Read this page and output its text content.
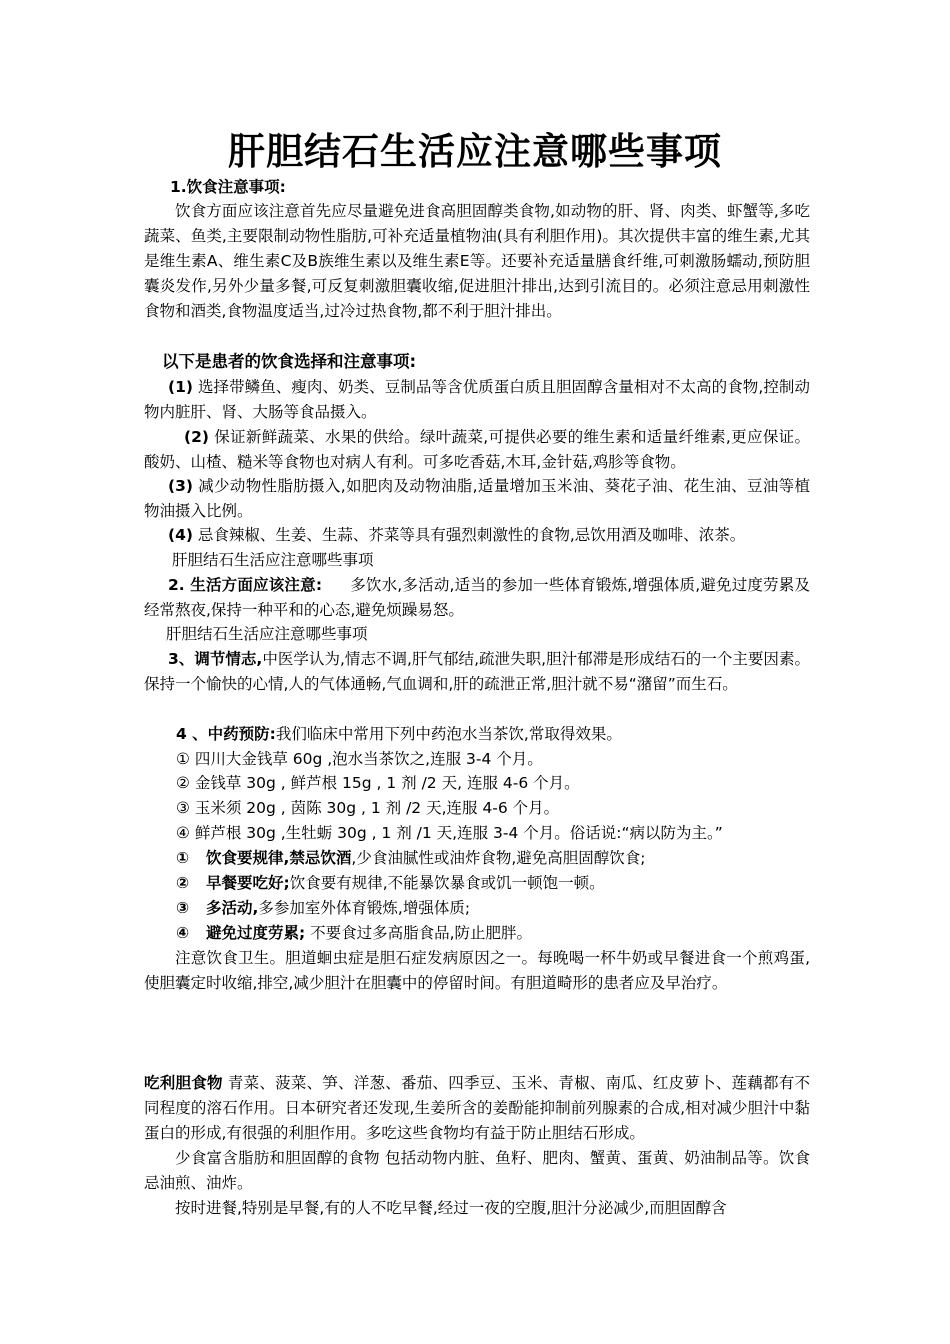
肝胆结石生活应注意哪些事项
1.饮食注意事项:
饮食方面应该注意首先应尽量避免进食高胆固醇类食物,如动物的肝、肾、肉类、虾蟹等,多吃蔬菜、鱼类,主要限制动物性脂肪,可补充适量植物油(具有利胆作用)。其次提供丰富的维生素,尤其是维生素A、维生素C及B族维生素以及维生素E等。还要补充适量膳食纤维,可刺激肠蠕动,预防胆囊炎发作,另外少量多餐,可反复刺激胆囊收缩,促进胆汁排出,达到引流目的。必须注意忌用刺激性食物和酒类,食物温度适当,过冷过热食物,都不利于胆汁排出。
以下是患者的饮食选择和注意事项:
(1) 选择带鳞鱼、瘦肉、奶类、豆制品等含优质蛋白质且胆固醇含量相对不太高的食物,控制动物内脏肝、肾、大肠等食品摄入。
(2) 保证新鲜蔬菜、水果的供给。绿叶蔬菜,可提供必要的维生素和适量纤维素,更应保证。酸奶、山楂、糙米等食物也对病人有利。可多吃香菇,木耳,金针菇,鸡胗等食物。
(3) 减少动物性脂肪摄入,如肥肉及动物油脂,适量增加玉米油、葵花子油、花生油、豆油等植物油摄入比例。
(4) 忌食辣椒、生姜、生蒜、芥菜等具有强烈刺激性的食物,忌饮用酒及咖啡、浓茶。
肝胆结石生活应注意哪些事项
2. 生活方面应该注意: 多饮水,多活动,适当的参加一些体育锻炼,增强体质,避免过度劳累及经常熬夜,保持一种平和的心态,避免烦躁易怒。
肝胆结石生活应注意哪些事项
3、调节情志,中医学认为,情志不调,肝气郁结,疏泄失职,胆汁郁滞是形成结石的一个主要因素。保持一个愉快的心情,人的气体通畅,气血调和,肝的疏泄正常,胆汁就不易“潴留”而生石。
4 、中药预防:我们临床中常用下列中药泡水当茶饮,常取得效果。
① 四川大金钱草 60g ,泡水当茶饮之,连服 3-4 个月。
② 金钱草 30g , 鲜芦根 15g , 1 剂 /2 天, 连服 4-6 个月。
③ 玉米须 20g , 茵陈 30g , 1 剂 /2 天,连服 4-6 个月。
④ 鲜芦根 30g ,生牡蛎 30g , 1 剂 /1 天,连服 3-4 个月。俗话说:“病以防为主。”
① 饮食要规律,禁忌饮酒,少食油腻性或油炸食物,避免高胆固醇饮食;
② 早餐要吃好;饮食要有规律,不能暴饮暴食或饥一顿饱一顿。
③ 多活动,多参加室外体育锻炼,增强体质;
④ 避免过度劳累; 不要食过多高脂食品,防止肥胖。
注意饮食卫生。胆道蛔虫症是胆石症发病原因之一。每晚喝一杯牛奶或早餐进食一个煎鸡蛋,使胆囊定时收缩,排空,减少胆汁在胆囊中的停留时间。有胆道畸形的患者应及早治疗。
吃利胆食物 青菜、菠菜、笋、洋葱、番茄、四季豆、玉米、青椒、南瓜、红皮萝卜、莲藕都有不同程度的溶石作用。日本研究者还发现,生姜所含的姜酚能抑制前列腺素的合成,相对减少胆汁中黏蛋白的形成,有很强的利胆作用。多吃这些食物均有益于防止胆结石形成。
少食富含脂肪和胆固醇的食物 包括动物内脏、鱼籽、肥肉、蟹黄、蛋黄、奶油制品等。饮食忌油煎、油炸。
按时进餐,特别是早餐,有的人不吃早餐,经过一夜的空腹,胆汁分泌减少,而胆固醇含
